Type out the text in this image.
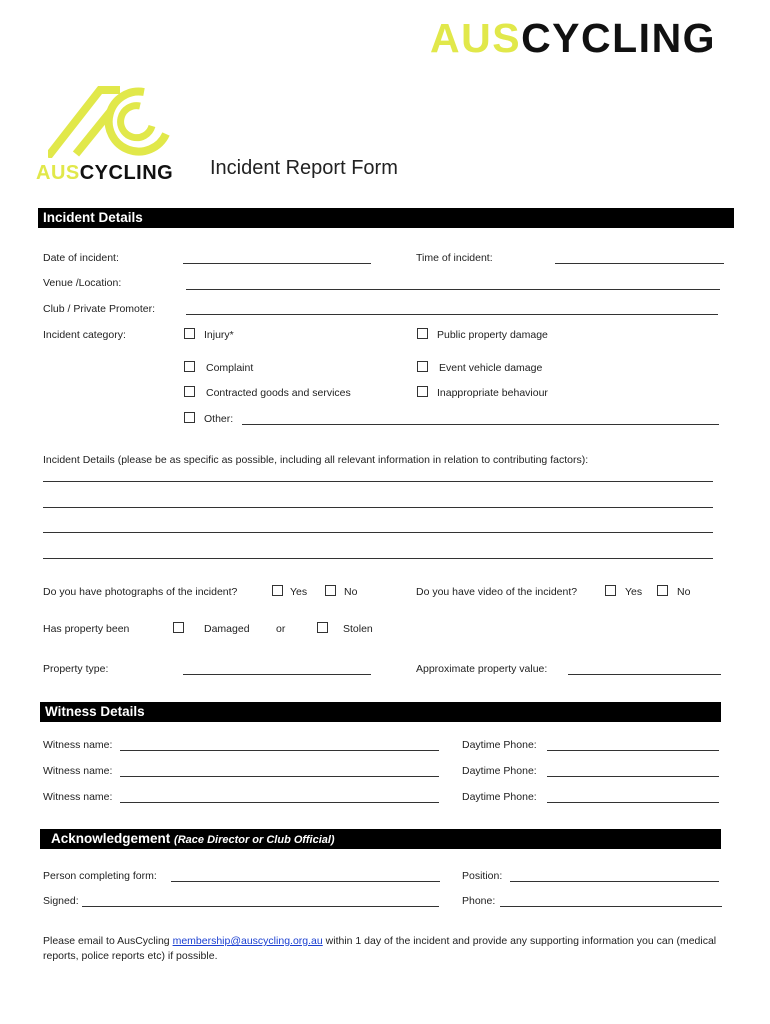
AUSCYCLING
AUSCYCLING Incident Report Form
Incident Details
Date of incident:	Time of incident:
Venue /Location:
Club / Private Promoter:
Incident category:	Injury*	Public property damage
Complaint	Event vehicle damage
Contracted goods and services	Inappropriate behaviour
Other:
Incident Details (please be as specific as possible, including all relevant information in relation to contributing factors):
Do you have photographs of the incident?	Yes	No	Do you have video of the incident?	Yes	No
Has property been	Damaged	or	Stolen
Property type:	Approximate property value:
Witness Details
Witness name:	Daytime Phone:
Witness name:	Daytime Phone:
Witness name:	Daytime Phone:
Acknowledgement (Race Director or Club Official)
Person completing form:	Position:
Signed:	Phone:
Please email to AusCycling membership@auscycling.org.au within 1 day of the incident and provide any supporting information you can (medical reports, police reports etc) if possible.
